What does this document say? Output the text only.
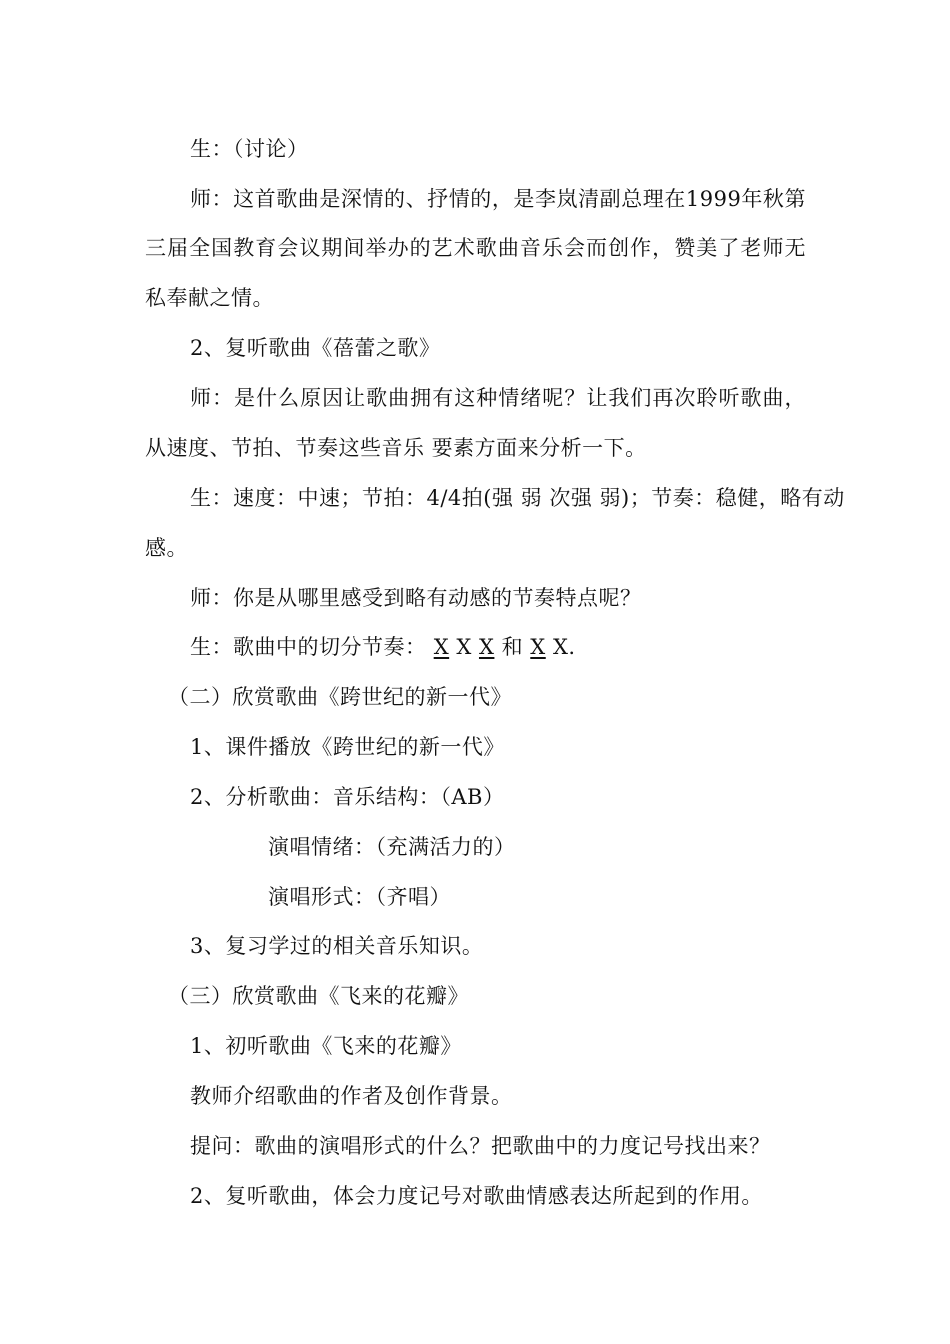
生：（讨论）
师：这首歌曲是深情的、抒情的，是李岚清副总理在1999年秋第
三届全国教育会议期间举办的艺术歌曲音乐会而创作，赞美了老师无
私奉献之情。
2、复听歌曲《蓓蕾之歌》
师：是什么原因让歌曲拥有这种情绪呢？让我们再次聆听歌曲，
从速度、节拍、节奏这些音乐 要素方面来分析一下。
生：速度：中速；节拍：4/4拍(强 弱 次强 弱)；节奏：稳健，略有动
感。
师：你是从哪里感受到略有动感的节奏特点呢？
生：歌曲中的切分节奏： X X X 和 X X.
（二）欣赏歌曲《跨世纪的新一代》
1、课件播放《跨世纪的新一代》
2、分析歌曲：音乐结构：（AB）
演唱情绪：（充满活力的）
演唱形式：（齐唱）
3、复习学过的相关音乐知识。
（三）欣赏歌曲《飞来的花瓣》
1、初听歌曲《飞来的花瓣》
教师介绍歌曲的作者及创作背景。
提问：歌曲的演唱形式的什么？把歌曲中的力度记号找出来？
2、复听歌曲，体会力度记号对歌曲情感表达所起到的作用。
